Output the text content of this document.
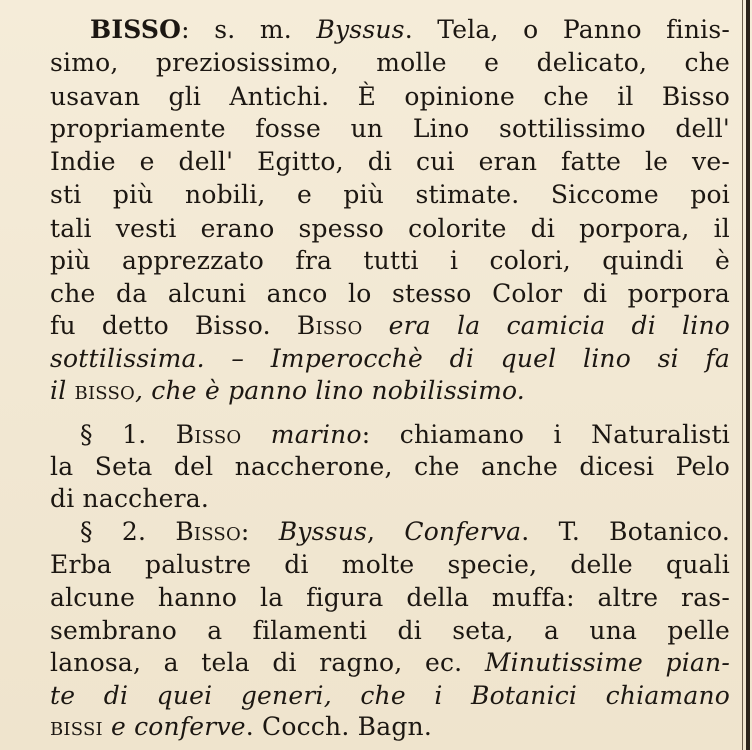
BISSO: s. m. Byssus. Tela, o Panno finis-
simo, preziosissimo, molle e delicato, che
usavan gli Antichi. È opinione che il Bisso
propriamente fosse un Lino sottilissimo dell'
Indie e dell' Egitto, di cui eran fatte le ve-
sti più nobili, e più stimate. Siccome poi
tali vesti erano spesso colorite di porpora, il
più apprezzato fra tutti i colori, quindi è
che da alcuni anco lo stesso Color di porpora
fu detto Bisso. Bisso era la camicia di lino
sottilissima. – Imperocchè di quel lino si fa
il bisso, che è panno lino nobilissimo.
§ 1. Bisso marino: chiamano i Naturalisti
la Seta del naccherone, che anche dicesi Pelo
di nacchera.
§ 2. Bisso: Byssus, Conferva. T. Botanico.
Erba palustre di molte specie, delle quali
alcune hanno la figura della muffa: altre ras-
sembrano a filamenti di seta, a una pelle
lanosa, a tela di ragno, ec. Minutissime pian-
te di quei generi, che i Botanici chiamano
bissi e conferve. Cocch. Bagn.
